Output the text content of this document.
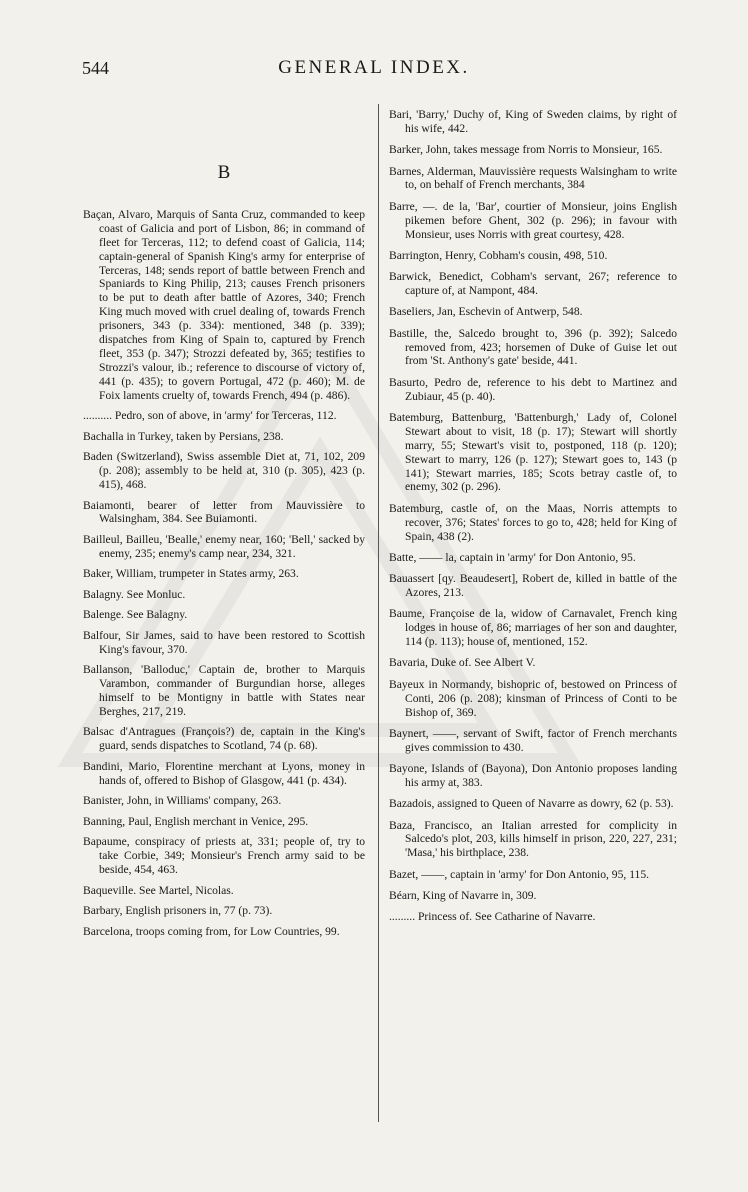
544	GENERAL INDEX.
B

Baçan, Alvaro, Marquis of Santa Cruz, commanded to keep coast of Galicia and port of Lisbon, 86; in command of fleet for Terceras, 112; to defend coast of Galicia, 114; captain-general of Spanish King's army for enterprise of Terceras, 148; sends report of battle between French and Spaniards to King Philip, 213; causes French prisoners to be put to death after battle of Azores, 340; French King much moved with cruel dealing of, towards French prisoners, 343 (p. 334): mentioned, 348 (p. 339); dispatches from King of Spain to, captured by French fleet, 353 (p. 347); Strozzi defeated by, 365; testifies to Strozzi's valour, ib.; reference to discourse of victory of, 441 (p. 435); to govern Portugal, 472 (p. 460); M. de Foix laments cruelty of, towards French, 494 (p. 486).

.......... Pedro, son of above, in 'army' for Terceras, 112.

Bachalla in Turkey, taken by Persians, 238.

Baden (Switzerland), Swiss assemble Diet at, 71, 102, 209 (p. 208); assembly to be held at, 310 (p. 305), 423 (p. 415), 468.

Baiamonti, bearer of letter from Mauvissière to Walsingham, 384. See Buiamonti.

Bailleul, Bailleu, 'Bealle,' enemy near, 160; 'Bell,' sacked by enemy, 235; enemy's camp near, 234, 321.

Baker, William, trumpeter in States army, 263.

Balagny. See Monluc.

Balenge. See Balagny.

Balfour, Sir James, said to have been restored to Scottish King's favour, 370.

Ballanson, 'Balloduc,' Captain de, brother to Marquis Varambon, commander of Burgundian horse, alleges himself to be Montigny in battle with States near Berghes, 217, 219.

Balsac d'Antragues (François?) de, captain in the King's guard, sends dispatches to Scotland, 74 (p. 68).

Bandini, Mario, Florentine merchant at Lyons, money in hands of, offered to Bishop of Glasgow, 441 (p. 434).

Banister, John, in Williams' company, 263.

Banning, Paul, English merchant in Venice, 295.

Bapaume, conspiracy of priests at, 331; people of, try to take Corbie, 349; Monsieur's French army said to be beside, 454, 463.

Baqueville. See Martel, Nicolas.

Barbary, English prisoners in, 77 (p. 73).

Barcelona, troops coming from, for Low Countries, 99.

Bari, 'Barry,' Duchy of, King of Sweden claims, by right of his wife, 442.

Barker, John, takes message from Norris to Monsieur, 165.

Barnes, Alderman, Mauvissière requests Walsingham to write to, on behalf of French merchants, 384

Barre, —. de la, 'Bar', courtier of Monsieur, joins English pikemen before Ghent, 302 (p. 296); in favour with Monsieur, uses Norris with great courtesy, 428.

Barrington, Henry, Cobham's cousin, 498, 510.

Barwick, Benedict, Cobham's servant, 267; reference to capture of, at Nampont, 484.

Baseliers, Jan, Eschevin of Antwerp, 548.

Bastille, the, Salcedo brought to, 396 (p. 392); Salcedo removed from, 423; horsemen of Duke of Guise let out from 'St. Anthony's gate' beside, 441.

Basurto, Pedro de, reference to his debt to Martinez and Zubiaur, 45 (p. 40).

Batemburg, Battenburg, 'Battenburgh,' Lady of, Colonel Stewart about to visit, 18 (p. 17); Stewart will shortly marry, 55; Stewart's visit to, postponed, 118 (p. 120); Stewart to marry, 126 (p. 127); Stewart goes to, 143 (p 141); Stewart marries, 185; Scots betray castle of, to enemy, 302 (p. 296).

Batemburg, castle of, on the Maas, Norris attempts to recover, 376; States' forces to go to, 428; held for King of Spain, 438 (2).

Batte, —— la, captain in 'army' for Don Antonio, 95.

Bauassert [qy. Beaudesert], Robert de, killed in battle of the Azores, 213.

Baume, Françoise de la, widow of Carnavalet, French king lodges in house of, 86; marriages of her son and daughter, 114 (p. 113); house of, mentioned, 152.

Bavaria, Duke of. See Albert V.

Bayeux in Normandy, bishopric of, bestowed on Princess of Conti, 206 (p. 208); kinsman of Princess of Conti to be Bishop of, 369.

Baynert, ——, servant of Swift, factor of French merchants gives commission to 430.

Bayone, Islands of (Bayona), Don Antonio proposes landing his army at, 383.

Bazadois, assigned to Queen of Navarre as dowry, 62 (p. 53).

Baza, Francisco, an Italian arrested for complicity in Salcedo's plot, 203, kills himself in prison, 220, 227, 231; 'Masa,' his birthplace, 238.

Bazet, ——, captain in 'army' for Don Antonio, 95, 115.

Béarn, King of Navarre in, 309.

......... Princess of. See Catharine of Navarre.
